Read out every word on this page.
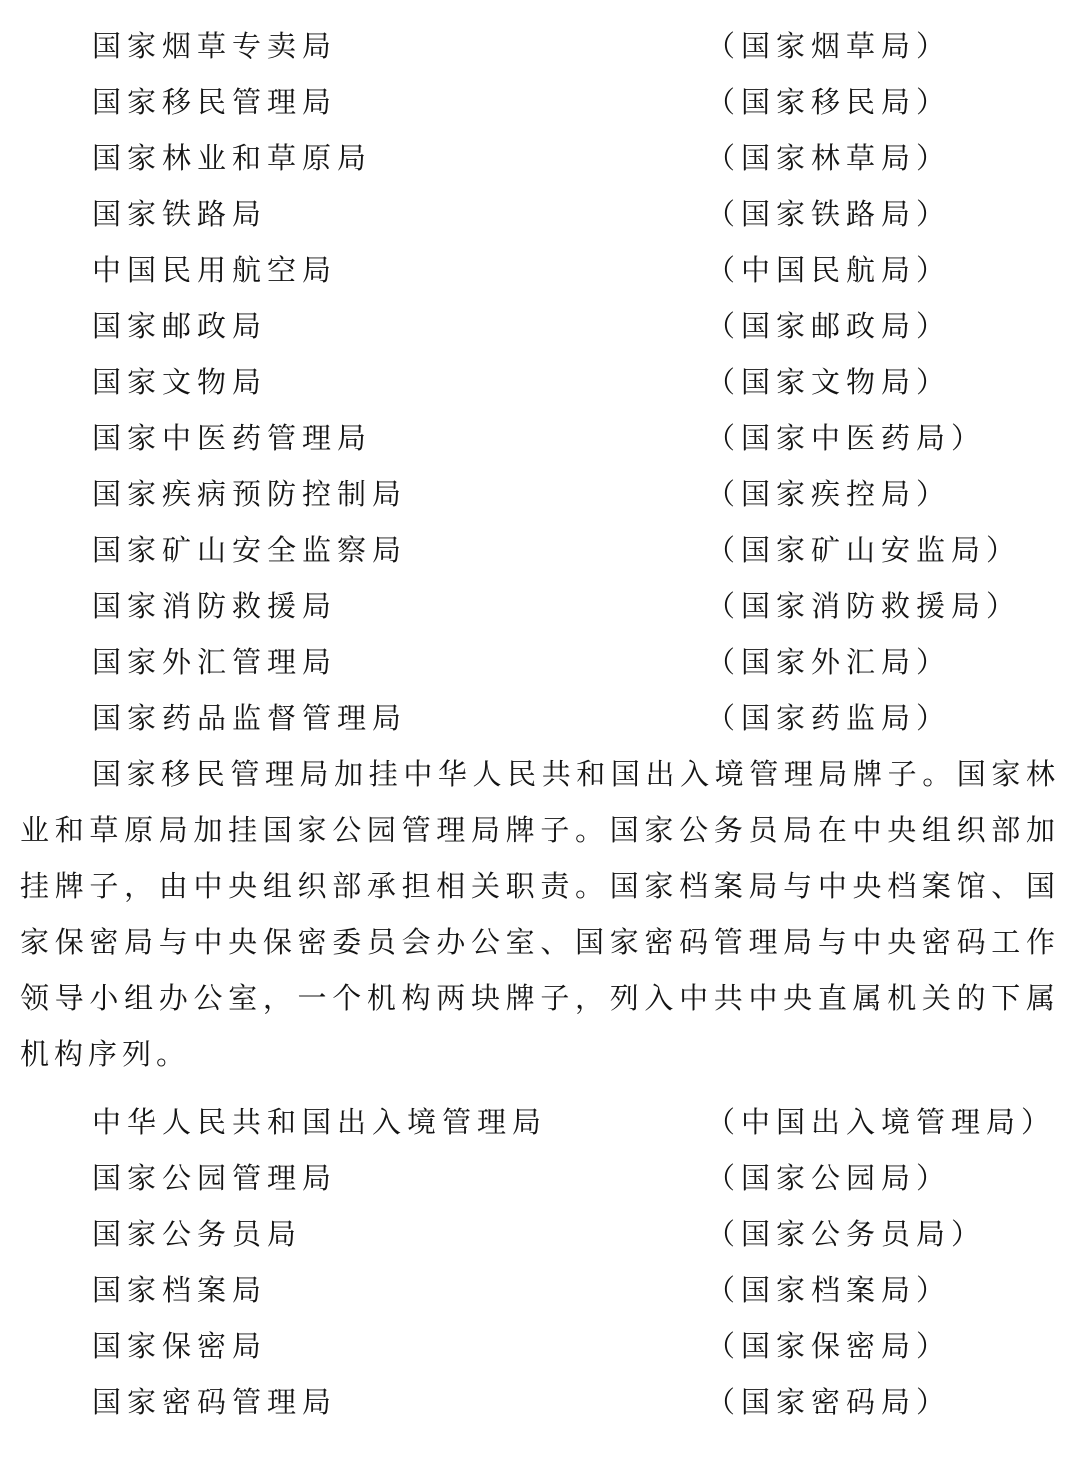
国家烟草专卖局	（国家烟草局）
国家移民管理局	（国家移民局）
国家林业和草原局	（国家林草局）
国家铁路局	（国家铁路局）
中国民用航空局	（中国民航局）
国家邮政局	（国家邮政局）
国家文物局	（国家文物局）
国家中医药管理局	（国家中医药局）
国家疾病预防控制局	（国家疾控局）
国家矿山安全监察局	（国家矿山安监局）
国家消防救援局	（国家消防救援局）
国家外汇管理局	（国家外汇局）
国家药品监督管理局	（国家药监局）

国家移民管理局加挂中华人民共和国出入境管理局牌子。国家林业和草原局加挂国家公园管理局牌子。国家公务员局在中央组织部加挂牌子，由中央组织部承担相关职责。国家档案局与中央档案馆、国家保密局与中央保密委员会办公室、国家密码管理局与中央密码工作领导小组办公室，一个机构两块牌子，列入中共中央直属机关的下属机构序列。

中华人民共和国出入境管理局	（中国出入境管理局）
国家公园管理局	（国家公园局）
国家公务员局	（国家公务员局）
国家档案局	（国家档案局）
国家保密局	（国家保密局）
国家密码管理局	（国家密码局）
